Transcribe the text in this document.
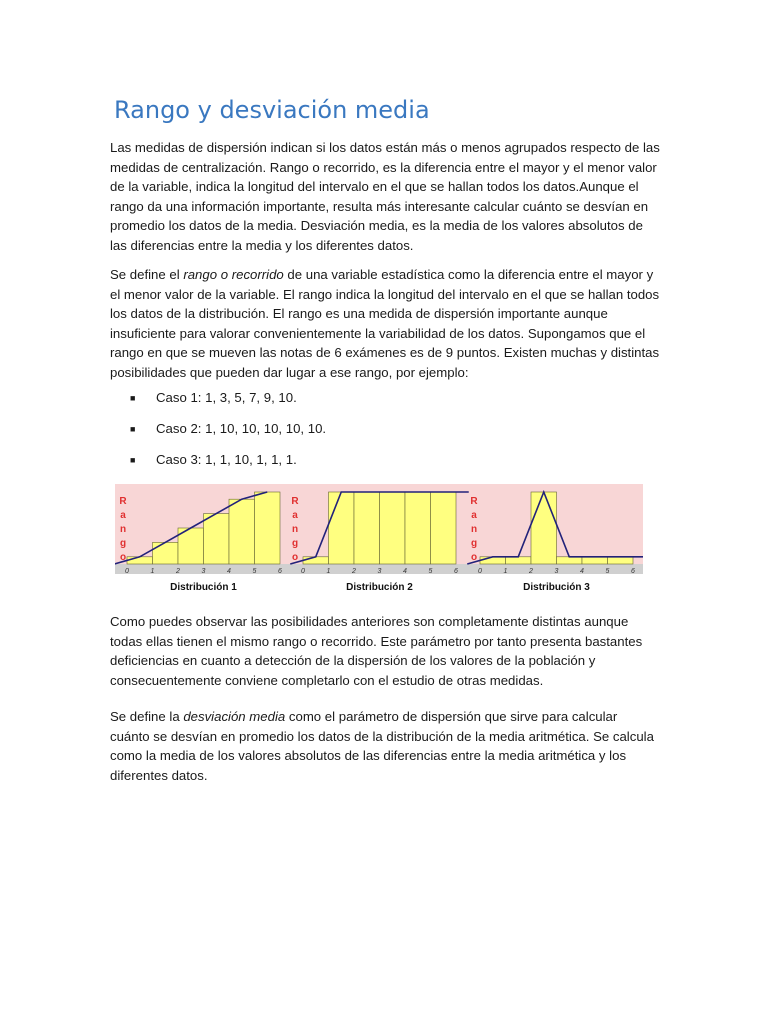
Rango y desviación media

Las medidas de dispersión indican si los datos están más o menos agrupados respecto de las medidas de centralización. Rango o recorrido, es la diferencia entre el mayor y el menor valor de la variable, indica la longitud del intervalo en el que se hallan todos los datos.Aunque el rango da una información importante, resulta más interesante calcular cuánto se desvían en promedio los datos de la media. Desviación media, es la media de los valores absolutos de las diferencias entre la media y los diferentes datos.

Se define el rango o recorrido de una variable estadística como la diferencia entre el mayor y el menor valor de la variable. El rango indica la longitud del intervalo en el que se hallan todos los datos de la distribución. El rango es una medida de dispersión importante aunque insuficiente para valorar convenientemente la variabilidad de los datos. Supongamos que el rango en que se mueven las notas de 6 exámenes es de 9 puntos. Existen muchas y distintas posibilidades que pueden dar lugar a ese rango, por ejemplo:

■	Caso 1: 1, 3, 5, 7, 9, 10.
■	Caso 2: 1, 10, 10, 10, 10, 10.
■	Caso 3: 1, 1, 10, 1, 1, 1.
R
a
n
g
o
0	1	2	3	4	5	6
Distribución 1
R
a
n
g
o
0	1	2	3	4	5	6
Distribución 2
R
a
n
g
o
0	1	2	3	4	5	6
Distribución 3

Como puedes observar las posibilidades anteriores son completamente distintas aunque todas ellas tienen el mismo rango o recorrido. Este parámetro por tanto presenta bastantes deficiencias en cuanto a detección de la dispersión de los valores de la población y consecuentemente conviene completarlo con el estudio de otras medidas.

Se define la desviación media como el parámetro de dispersión que sirve para calcular cuánto se desvían en promedio los datos de la distribución de la media aritmética. Se calcula como la media de los valores absolutos de las diferencias entre la media aritmética y los diferentes datos.
